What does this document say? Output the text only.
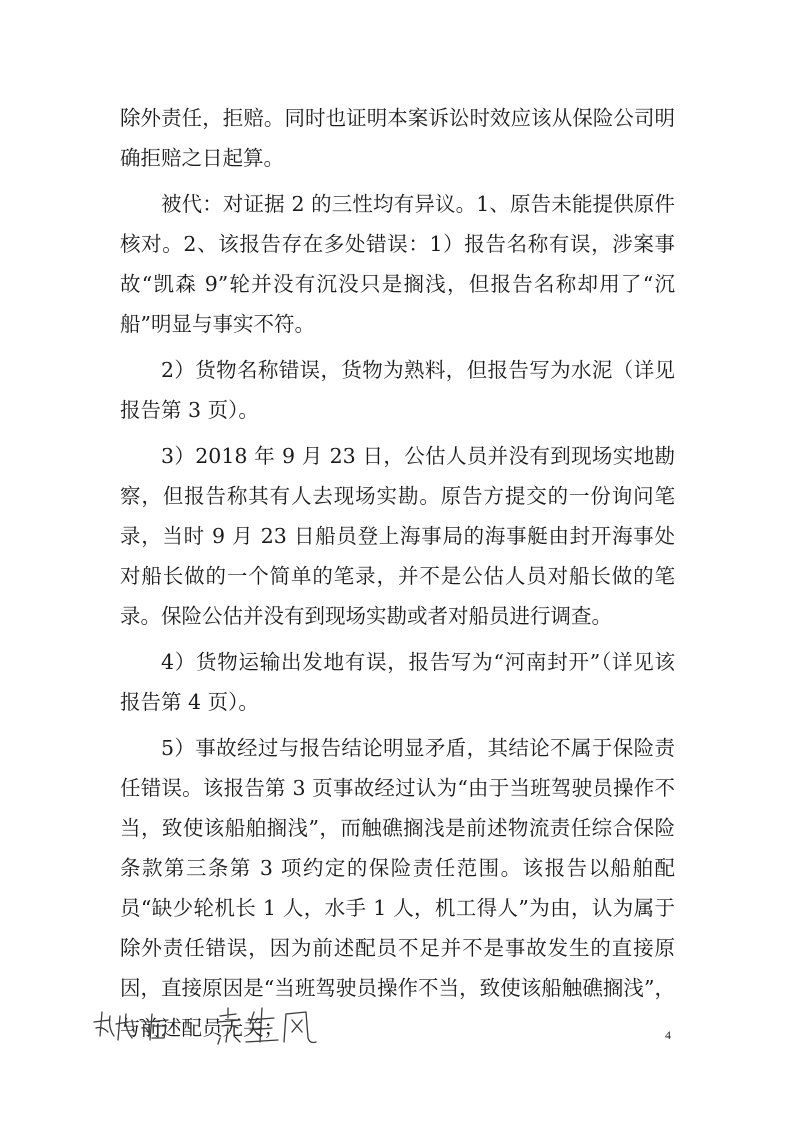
除外责任，拒赔。同时也证明本案诉讼时效应该从保险公司明确拒赔之日起算。

被代：对证据 2 的三性均有异议。1、原告未能提供原件核对。2、该报告存在多处错误：1）报告名称有误，涉案事故“凯森 9”轮并没有沉没只是搁浅，但报告名称却用了“沉船”明显与事实不符。

2）货物名称错误，货物为熟料，但报告写为水泥（详见报告第 3 页）。

3）2018 年 9 月 23 日，公估人员并没有到现场实地勘察，但报告称其有人去现场实勘。原告方提交的一份询问笔录，当时 9 月 23 日船员登上海事局的海事艇由封开海事处对船长做的一个简单的笔录，并不是公估人员对船长做的笔录。保险公估并没有到现场实勘或者对船员进行调查。

4）货物运输出发地有误，报告写为“河南封开”（详见该报告第 4 页）。

5）事故经过与报告结论明显矛盾，其结论不属于保险责任错误。该报告第 3 页事故经过认为“由于当班驾驶员操作不当，致使该船舶搁浅”，而触礁搁浅是前述物流责任综合保险条款第三条第 3 项约定的保险责任范围。该报告以船舶配员“缺少轮机长 1 人，水手 1 人，机工得人”为由，认为属于除外责任错误，因为前述配员不足并不是事故发生的直接原因，直接原因是“当班驾驶员操作不当，致使该船触礁搁浅”，与前述配员无关；	4
